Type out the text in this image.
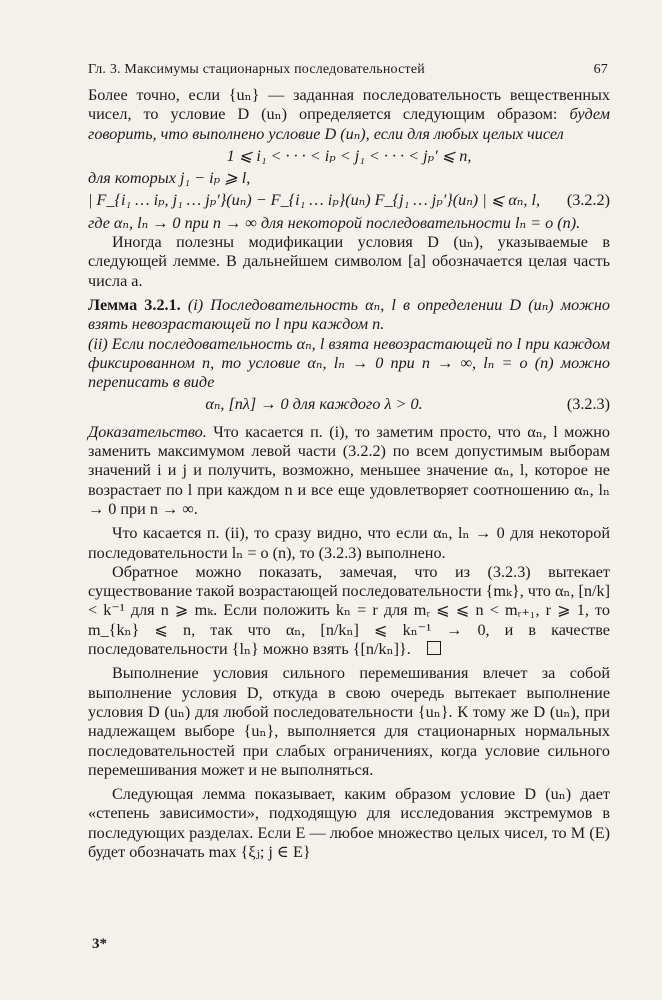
Гл. 3. Максимумы стационарных последовательностей	67

Более точно, если {uₙ} — заданная последовательность вещественных чисел, то условие D (uₙ) определяется следующим образом: будем говорить, что выполнено условие D (uₙ), если для любых целых чисел

1 ⩽ i₁ < · · · < iₚ < j₁ < · · · < jₚ′ ⩽ n,

для которых j₁ − iₚ ⩾ l,

| F_{i₁ … iₚ, j₁ … jₚ′}(uₙ) − F_{i₁ … iₚ}(uₙ) F_{j₁ … jₚ′}(uₙ) | ⩽ αₙ, l,	(3.2.2)

где αₙ, lₙ → 0 при n → ∞ для некоторой последовательности lₙ = o (n).

Иногда полезны модификации условия D (uₙ), указываемые в следующей лемме. В дальнейшем символом [a] обозначается целая часть числа a.

Лемма 3.2.1. (i) Последовательность αₙ, l в определении D (uₙ) можно взять невозрастающей по l при каждом n.

(ii) Если последовательность αₙ, l взята невозрастающей по l при каждом фиксированном n, то условие αₙ, lₙ → 0 при n → ∞, lₙ = o (n) можно переписать в виде

αₙ, [nλ] → 0 для каждого λ > 0.	(3.2.3)

Доказательство. Что касается п. (i), то заметим просто, что αₙ, l можно заменить максимумом левой части (3.2.2) по всем допустимым выборам значений i и j и получить, возможно, меньшее значение αₙ, l, которое не возрастает по l при каждом n и все еще удовлетворяет соотношению αₙ, lₙ → 0 при n → ∞.

Что касается п. (ii), то сразу видно, что если αₙ, lₙ → 0 для некоторой последовательности lₙ = o (n), то (3.2.3) выполнено.

Обратное можно показать, замечая, что из (3.2.3) вытекает существование такой возрастающей последовательности {mₖ}, что αₙ, [n/k] < k⁻¹ для n ⩾ mₖ. Если положить kₙ = r для mᵣ ⩽ ⩽ n < mᵣ₊₁, r ⩾ 1, то m_{kₙ} ⩽ n, так что αₙ, [n/kₙ] ⩽ kₙ⁻¹ → 0, и в качестве последовательности {lₙ} можно взять {[n/kₙ]}.

Выполнение условия сильного перемешивания влечет за собой выполнение условия D, откуда в свою очередь вытекает выполнение условия D (uₙ) для любой последовательности {uₙ}. К тому же D (uₙ), при надлежащем выборе {uₙ}, выполняется для стационарных нормальных последовательностей при слабых ограничениях, когда условие сильного перемешивания может и не выполняться.

Следующая лемма показывает, каким образом условие D (uₙ) дает «степень зависимости», подходящую для исследования экстремумов в последующих разделах. Если E — любое множество целых чисел, то M (E) будет обозначать max {ξⱼ; j ∈ E}

3*
